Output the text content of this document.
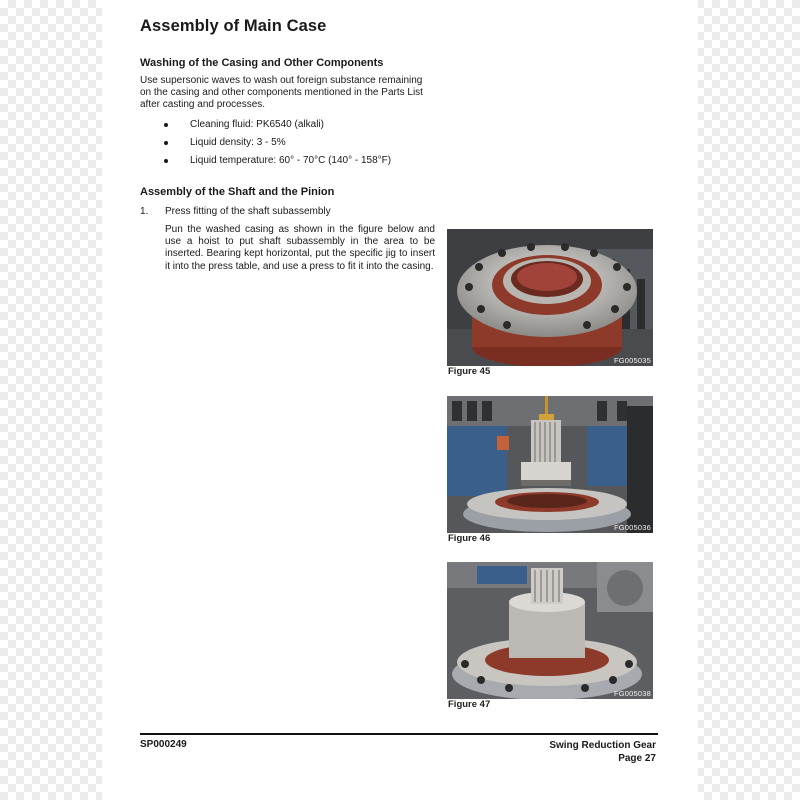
Assembly of Main Case
Washing of the Casing and Other Components

Use supersonic waves to wash out foreign substance remaining
on the casing and other components mentioned in the Parts List
after casting and processes.

Cleaning fluid: PK6540 (alkali)
Liquid density: 3 - 5%
Liquid temperature: 60° - 70°C (140° - 158°F)
Assembly of the Shaft and the Pinion
1. Press fitting of the shaft subassembly

Pun the washed casing as shown in the figure below and use a hoist to put shaft subassembly in the area to be inserted. Bearing kept horizontal, put the specific jig to insert it into the press table, and use a press to fit it into the casing.

FG005035
Figure 45
FG005036
Figure 46
FG005038
Figure 47
SP000249	Swing Reduction Gear
Page 27
